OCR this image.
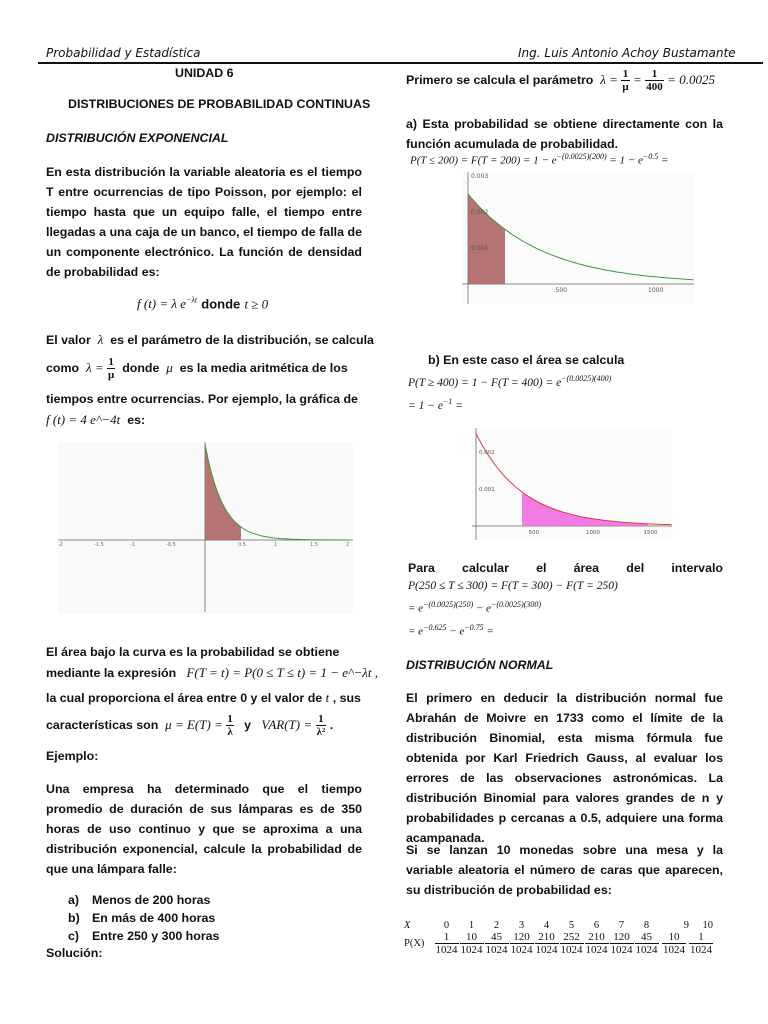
Probabilidad y Estadística	Ing. Luis Antonio Achoy Bustamante
UNIDAD 6
DISTRIBUCIONES DE PROBABILIDAD CONTINUAS
DISTRIBUCIÓN EXPONENCIAL
En esta distribución la variable aleatoria es el tiempo T entre ocurrencias de tipo Poisson, por ejemplo: el tiempo hasta que un equipo falle, el tiempo entre llegadas a una caja de un banco, el tiempo de falla de un componente electrónico. La función de densidad de probabilidad es:
f (t) = λ $e^{-\lambda t}$ donde t ≥ 0
El valor λ es el parámetro de la distribución, se calcula
como $\lambda = \frac{1}{\mu}$ donde μ es la media aritmética de los
tiempos entre ocurrencias. Por ejemplo, la gráfica de
f (t) = 4 e^−4t es:
-2	-1.5	-1	-0.5	0.5	1	1.5	2
El área bajo la curva es la probabilidad se obtiene
mediante la expresión F(T = t) = P(0 ≤ T ≤ t) = 1 − e^−λt ,
la cual proporciona el área entre 0 y el valor de t , sus
características son $\mu = E(T) = \frac{1}{\lambda}$ y $VAR(T) = \frac{1}{\text{λ²}}$ .
Ejemplo:
Una empresa ha determinado que el tiempo promedio de duración de sus lámparas es de 350 horas de uso continuo y que se aproxima a una distribución exponencial, calcule la probabilidad de que una lámpara falle:
a) Menos de 200 horas
b) En más de 400 horas
c) Entre 250 y 300 horas
Solución:
Primero se calcula el parámetro $\lambda = \frac{1}{\mu} = \frac{1}{400} = 0.0025$
a) Esta probabilidad se obtiene directamente con la función acumulada de probabilidad.
$P(T \le 200) = F(T = 200) = 1 - e^{-(0.0025)(200)} = 1 - e^{-0.5}$ =
0.003
0.002
0.001
500	1000
b) En este caso el área se calcula
$P(T \ge 400) = 1 - F(T = 400) = e^{-(0.0025)(400)}$
= $1 - e^{-1}$ =
0.002
0.001
500	1000	1500
Para calcular el área del intervalo
P(250 ≤ T ≤ 300) = F(T = 300) − F(T = 250)
= $e^{-(0.0025)(250)} - e^{-(0.0025)(300)}$
= $e^{-0.625} - e^{-0.75}$ =
DISTRIBUCIÓN NORMAL
El primero en deducir la distribución normal fue Abrahán de Moivre en 1733 como el límite de la distribución Binomial, esta misma fórmula fue obtenida por Karl Friedrich Gauss, al evaluar los errores de las observaciones astronómicas. La distribución Binomial para valores grandes de n y probabilidades p cercanas a 0.5, adquiere una forma acampanada.
Si se lanzan 10 monedas sobre una mesa y la variable aleatoria el número de caras que aparecen, su distribución de probabilidad es:
X	0	1	2	3	4	5	6	7	8	9	10
P(X)	$\frac{1}{1024}$	$\frac{10}{1024}$	$\frac{45}{1024}$	$\frac{120}{1024}$	$\frac{210}{1024}$	$\frac{252}{1024}$	$\frac{210}{1024}$	$\frac{120}{1024}$	$\frac{45}{1024}$	$\frac{10}{1024}$	$\frac{1}{1024}$
